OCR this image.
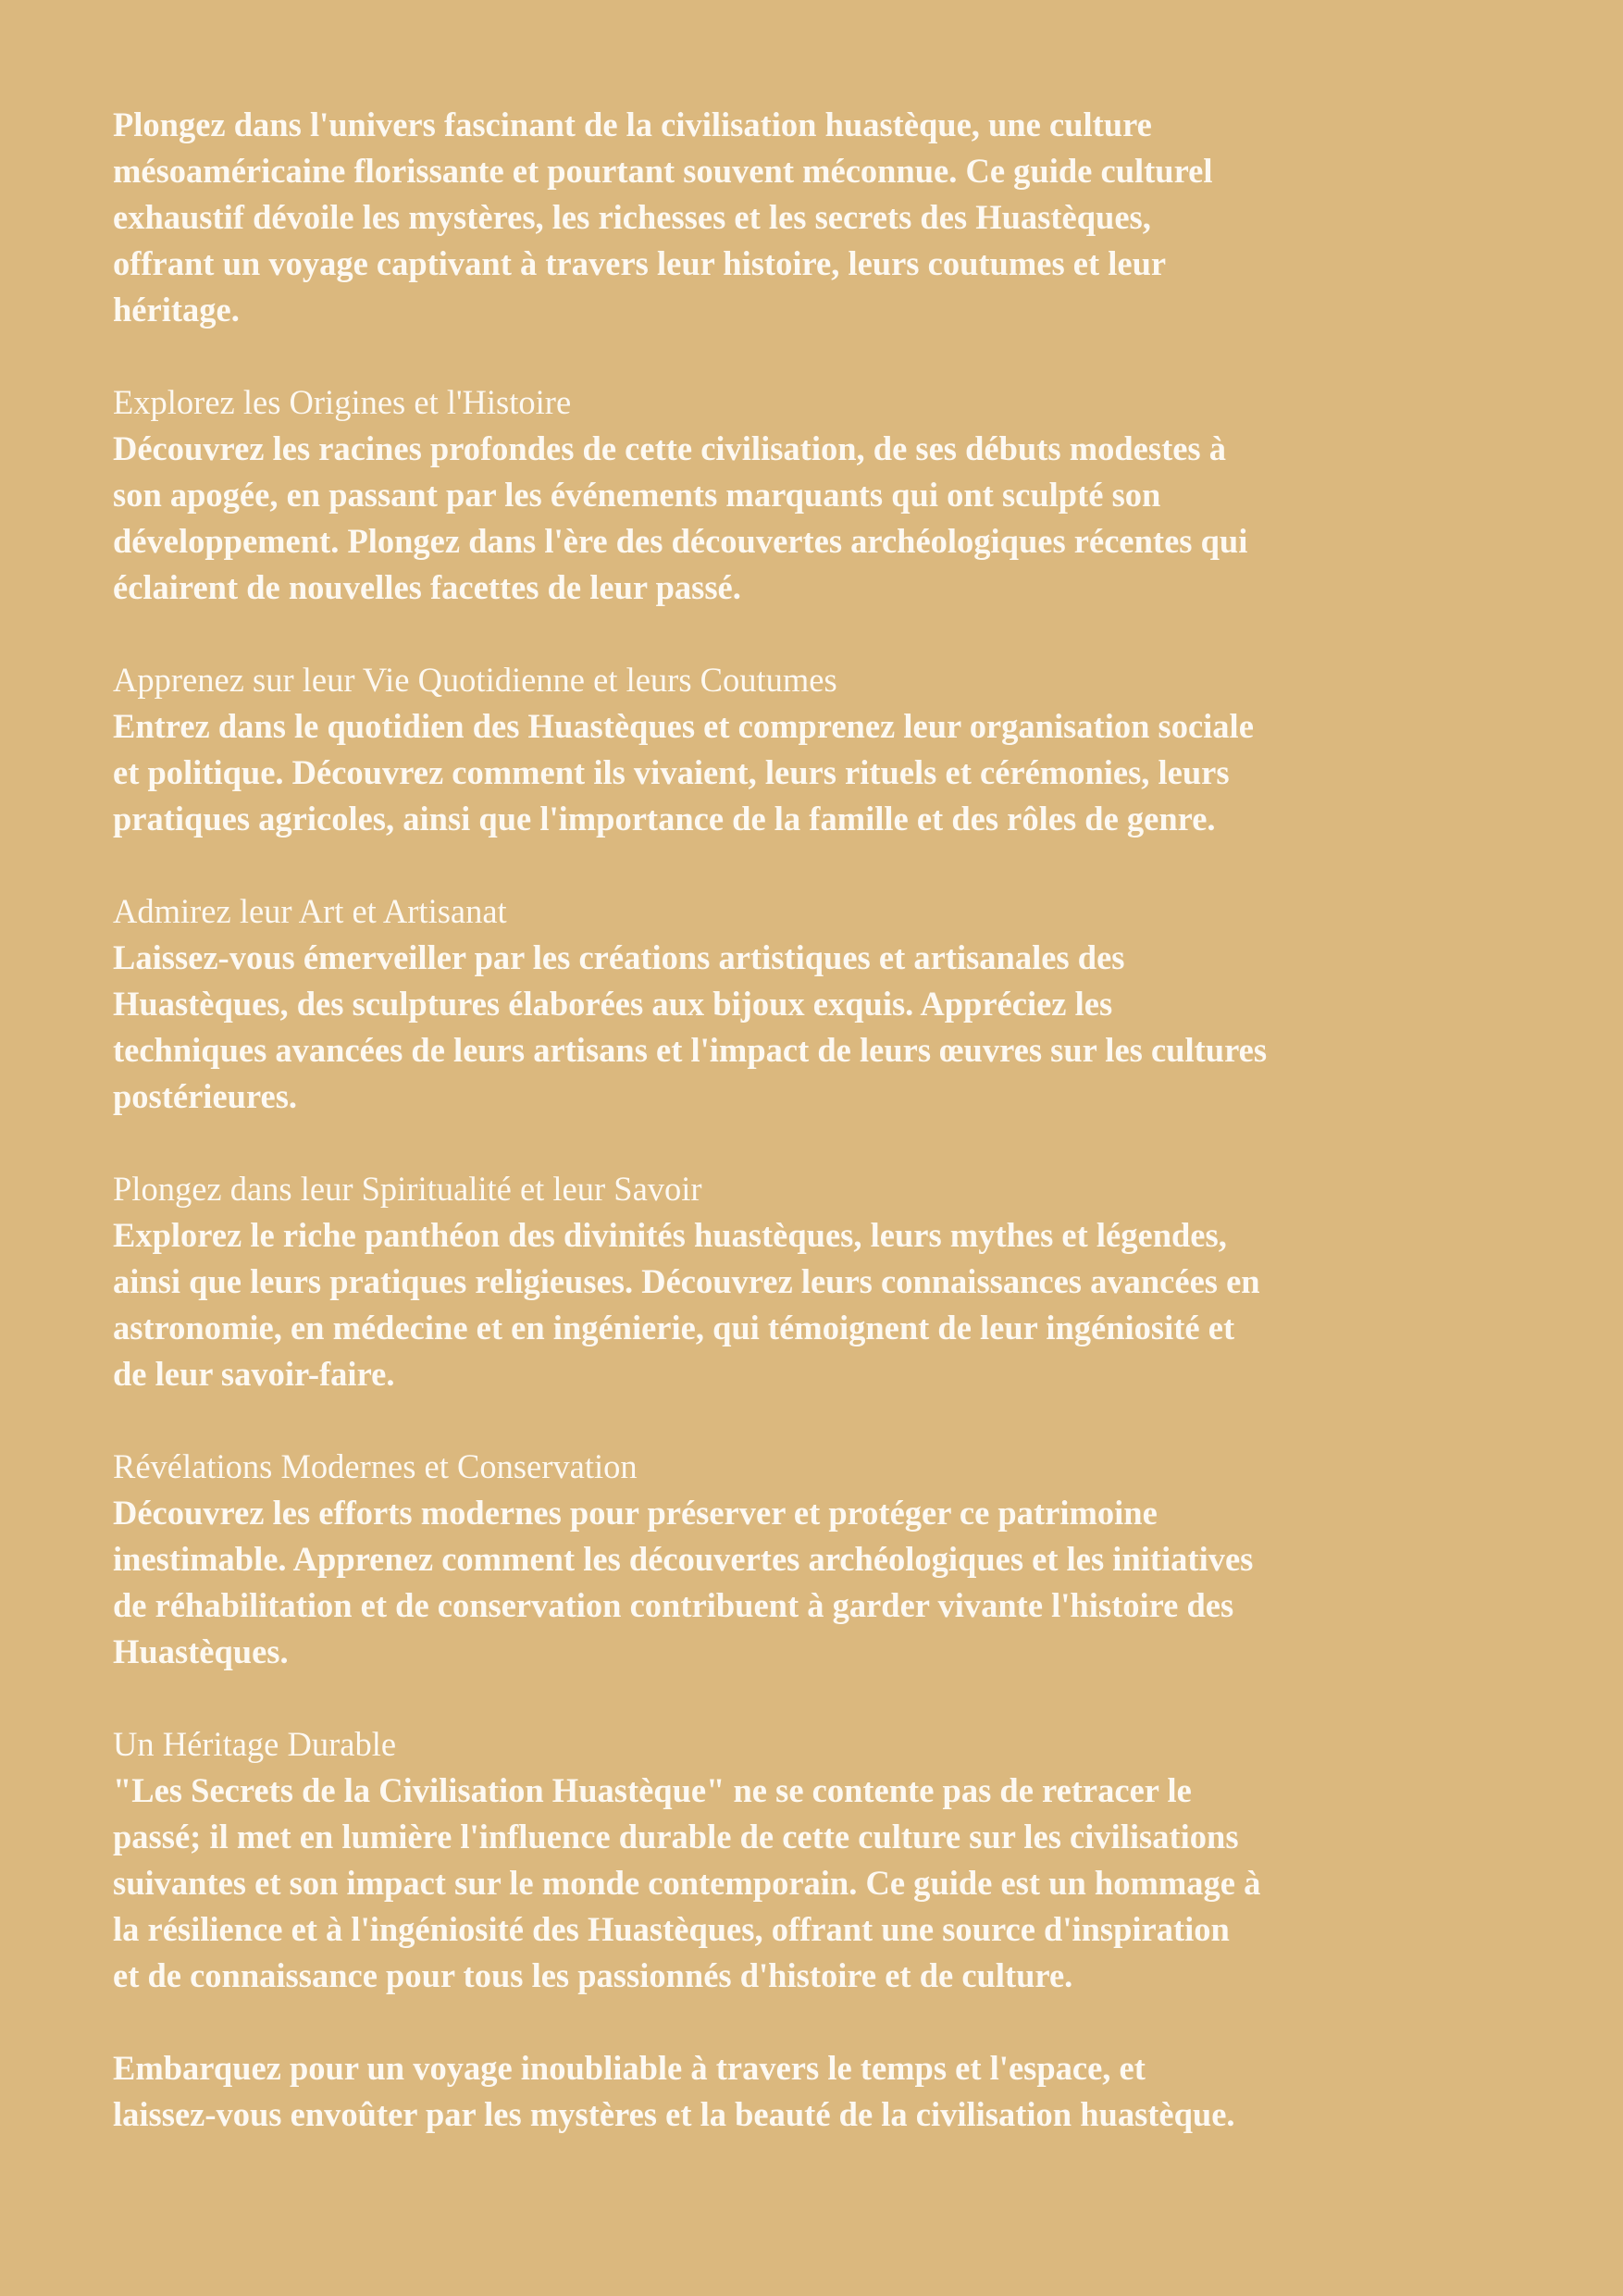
Plongez dans l'univers fascinant de la civilisation huastèque, une culture
mésoaméricaine florissante et pourtant souvent méconnue. Ce guide culturel
exhaustif dévoile les mystères, les richesses et les secrets des Huastèques,
offrant un voyage captivant à travers leur histoire, leurs coutumes et leur
héritage.

Explorez les Origines et l'Histoire

Découvrez les racines profondes de cette civilisation, de ses débuts modestes à
son apogée, en passant par les événements marquants qui ont sculpté son
développement. Plongez dans l'ère des découvertes archéologiques récentes qui
éclairent de nouvelles facettes de leur passé.

Apprenez sur leur Vie Quotidienne et leurs Coutumes

Entrez dans le quotidien des Huastèques et comprenez leur organisation sociale
et politique. Découvrez comment ils vivaient, leurs rituels et cérémonies, leurs
pratiques agricoles, ainsi que l'importance de la famille et des rôles de genre.

Admirez leur Art et Artisanat

Laissez-vous émerveiller par les créations artistiques et artisanales des
Huastèques, des sculptures élaborées aux bijoux exquis. Appréciez les
techniques avancées de leurs artisans et l'impact de leurs œuvres sur les cultures
postérieures.

Plongez dans leur Spiritualité et leur Savoir

Explorez le riche panthéon des divinités huastèques, leurs mythes et légendes,
ainsi que leurs pratiques religieuses. Découvrez leurs connaissances avancées en
astronomie, en médecine et en ingénierie, qui témoignent de leur ingéniosité et
de leur savoir-faire.

Révélations Modernes et Conservation

Découvrez les efforts modernes pour préserver et protéger ce patrimoine
inestimable. Apprenez comment les découvertes archéologiques et les initiatives
de réhabilitation et de conservation contribuent à garder vivante l'histoire des
Huastèques.

Un Héritage Durable

"Les Secrets de la Civilisation Huastèque" ne se contente pas de retracer le
passé; il met en lumière l'influence durable de cette culture sur les civilisations
suivantes et son impact sur le monde contemporain. Ce guide est un hommage à
la résilience et à l'ingéniosité des Huastèques, offrant une source d'inspiration
et de connaissance pour tous les passionnés d'histoire et de culture.

Embarquez pour un voyage inoubliable à travers le temps et l'espace, et
laissez-vous envoûter par les mystères et la beauté de la civilisation huastèque.
